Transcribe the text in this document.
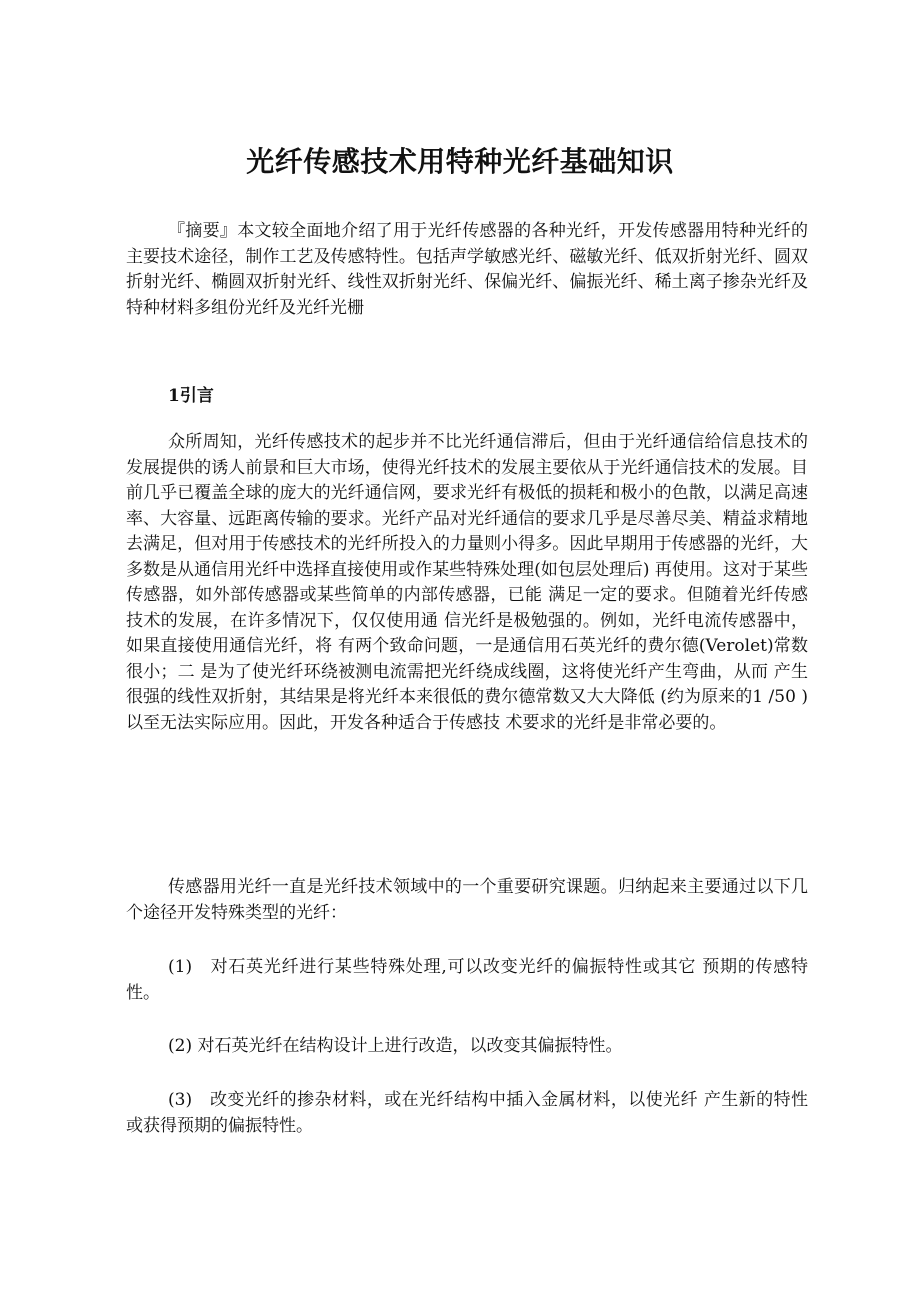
光纤传感技术用特种光纤基础知识

『摘要』本文较全面地介绍了用于光纤传感器的各种光纤，开发传感器用特种光纤的主要技术途径，制作工艺及传感特性。包括声学敏感光纤、磁敏光纤、低双折射光纤、圆双折射光纤、椭圆双折射光纤、线性双折射光纤、保偏光纤、偏振光纤、稀土离子掺杂光纤及特种材料多组份光纤及光纤光栅

1引言

众所周知，光纤传感技术的起步并不比光纤通信滞后，但由于光纤通信给信息技术的发展提供的诱人前景和巨大市场，使得光纤技术的发展主要依从于光纤通信技术的发展。目前几乎已覆盖全球的庞大的光纤通信网，要求光纤有极低的损耗和极小的色散，以满足高速率、大容量、远距离传输的要求。光纤产品对光纤通信的要求几乎是尽善尽美、精益求精地去满足，但对用于传感技术的光纤所投入的力量则小得多。因此早期用于传感器的光纤，大多数是从通信用光纤中选择直接使用或作某些特殊处理(如包层处理后) 再使用。这对于某些传感器，如外部传感器或某些简单的内部传感器，已能 满足一定的要求。但随着光纤传感技术的发展，在许多情况下，仅仅使用通 信光纤是极勉强的。例如，光纤电流传感器中，如果直接使用通信光纤，将 有两个致命问题，一是通信用石英光纤的费尔德(Verolet)常数很小；二 是为了使光纤环绕被测电流需把光纤绕成线圈，这将使光纤产生弯曲，从而 产生很强的线性双折射，其结果是将光纤本来很低的费尔德常数又大大降低 (约为原来的1 /50 )以至无法实际应用。因此，开发各种适合于传感技 术要求的光纤是非常必要的。

传感器用光纤一直是光纤技术领域中的一个重要研究课题。归纳起来主要通过以下几个途径开发特殊类型的光纤：

(1)　对石英光纤进行某些特殊处理,可以改变光纤的偏振特性或其它 预期的传感特性。

(2) 对石英光纤在结构设计上进行改造，以改变其偏振特性。

(3)　改变光纤的掺杂材料，或在光纤结构中插入金属材料，以使光纤 产生新的特性或获得预期的偏振特性。
